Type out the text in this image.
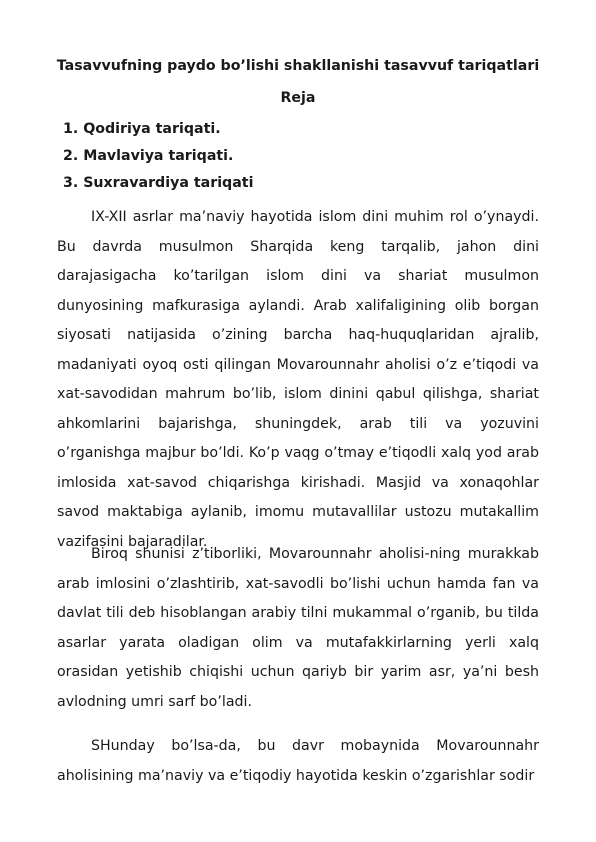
Tasavvufning paydo bo’lishi shakllanishi tasavvuf tariqatlari
Reja
1. Qodiriya tariqati.
2. Mavlaviya tariqati.
3. Suxravardiya tariqati

IX-XII asrlar ma’naviy hayotida islom dini muhim rol o’ynaydi. Bu davrda musulmon Sharqida keng tarqalib, jahon dini darajasigacha ko’tarilgan islom dini va shariat musulmon dunyosining mafkurasiga aylandi. Arab xalifaligining olib borgan siyosati natijasida o’zining barcha haq-huquqlaridan ajralib, madaniyati oyoq osti qilingan Movarounnahr aholisi o’z e’tiqodi va xat-savodidan mahrum bo’lib, islom dinini qabul qilishga, shariat ahkomlarini bajarishga, shuningdek, arab tili va yozuvini o’rganishga majbur bo’ldi. Ko’p vaqg o’tmay e’tiqodli xalq yod arab imlosida xat-savod chiqarishga kirishadi. Masjid va xonaqohlar savod maktabiga aylanib, imomu mutavallilar ustozu mutakallim vazifasini bajaradilar.

Biroq shunisi z’tiborliki, Movarounnahr aholisi-ning murakkab arab imlosini o’zlashtirib, xat-savodli bo’lishi uchun hamda fan va davlat tili deb hisoblangan arabiy tilni mukammal o’rganib, bu tilda asarlar yarata oladigan olim va mutafakkirlarning yerli xalq orasidan yetishib chiqishi uchun qariyb bir yarim asr, ya’ni besh avlodning umri sarf bo’ladi.

SHunday bo’lsa-da, bu davr mobaynida Movarounnahr aholisining ma’naviy va e’tiqodiy hayotida keskin o’zgarishlar sodir
